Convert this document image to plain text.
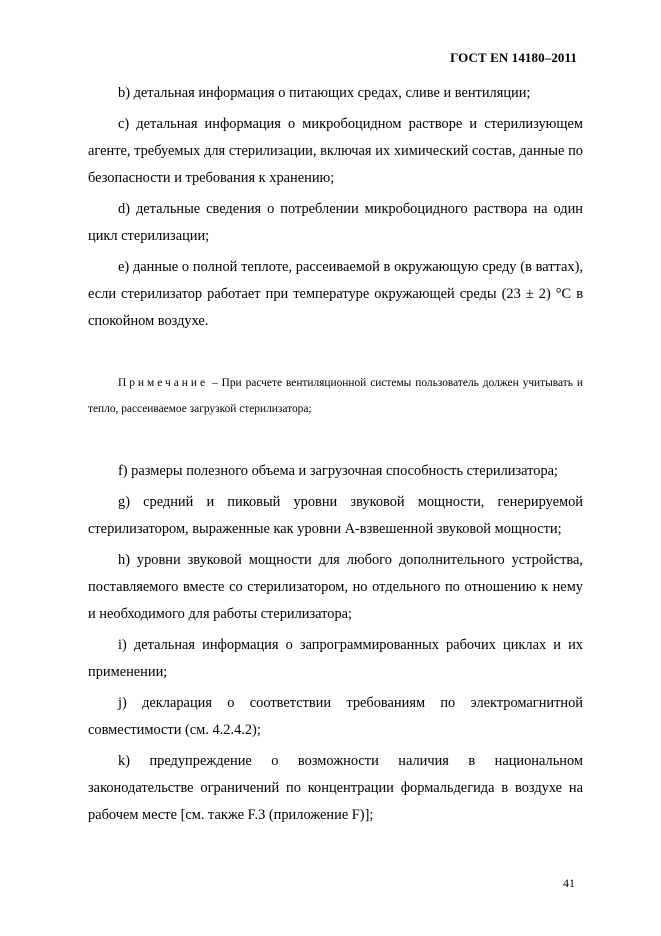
ГОСТ EN 14180–2011

b) детальная информация о питающих средах, сливе и вентиляции;

c) детальная информация о микробоцидном растворе и стерилизующем агенте, требуемых для стерилизации, включая их химический состав, данные по безопасности и требования к хранению;

d) детальные сведения о потреблении микробоцидного раствора на один цикл стерилизации;

e) данные о полной теплоте, рассеиваемой в окружающую среду (в ваттах), если стерилизатор работает при температуре окружающей среды (23 ± 2) °С в спокойном воздухе.

Примечание – При расчете вентиляционной системы пользователь должен учитывать и тепло, рассеиваемое загрузкой стерилизатора;

f) размеры полезного объема и загрузочная способность стерилизатора;

g) средний и пиковый уровни звуковой мощности, генерируемой стерилизатором, выраженные как уровни А-взвешенной звуковой мощности;

h) уровни звуковой мощности для любого дополнительного устройства, поставляемого вместе со стерилизатором, но отдельного по отношению к нему и необходимого для работы стерилизатора;

i) детальная информация о запрограммированных рабочих циклах и их применении;

j) декларация о соответствии требованиям по электромагнитной совместимости (см. 4.2.4.2);

k) предупреждение о возможности наличия в национальном законодательстве ограничений по концентрации формальдегида в воздухе на рабочем месте [см. также F.3 (приложение F)];

41
